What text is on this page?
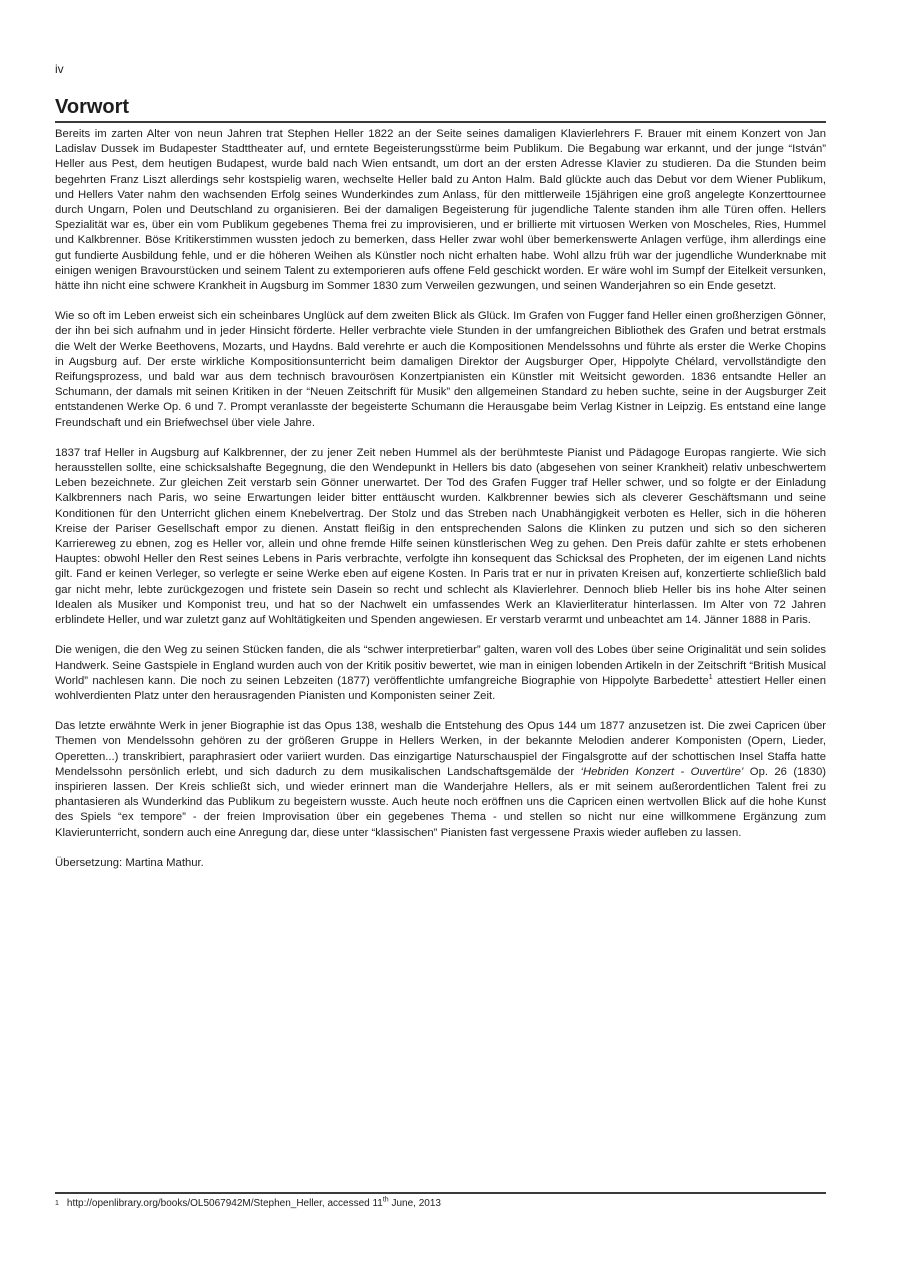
iv
Vorwort

Bereits im zarten Alter von neun Jahren trat Stephen Heller 1822 an der Seite seines damaligen Klavierlehrers F. Brauer mit einem Konzert von Jan Ladislav Dussek im Budapester Stadttheater auf, und erntete Begeisterungsstürme beim Publikum. Die Begabung war erkannt, und der junge “István” Heller aus Pest, dem heutigen Budapest, wurde bald nach Wien entsandt, um dort an der ersten Adresse Klavier zu studieren. Da die Stunden beim begehrten Franz Liszt allerdings sehr kostspielig waren, wechselte Heller bald zu Anton Halm. Bald glückte auch das Debut vor dem Wiener Publikum, und Hellers Vater nahm den wachsenden Erfolg seines Wunderkindes zum Anlass, für den mittlerweile 15jährigen eine groß angelegte Konzerttournee durch Ungarn, Polen und Deutschland zu organisieren. Bei der damaligen Begeisterung für jugendliche Talente standen ihm alle Türen offen. Hellers Spezialität war es, über ein vom Publikum gegebenes Thema frei zu improvisieren, und er brillierte mit virtuosen Werken von Moscheles, Ries, Hummel und Kalkbrenner. Böse Kritikerstimmen wussten jedoch zu bemerken, dass Heller zwar wohl über bemerkenswerte Anlagen verfüge, ihm allerdings eine gut fundierte Ausbildung fehle, und er die höheren Weihen als Künstler noch nicht erhalten habe. Wohl allzu früh war der jugendliche Wunderknabe mit einigen wenigen Bravourstücken und seinem Talent zu extemporieren aufs offene Feld geschickt worden. Er wäre wohl im Sumpf der Eitelkeit versunken, hätte ihn nicht eine schwere Krankheit in Augsburg im Sommer 1830 zum Verweilen gezwungen, und seinen Wanderjahren so ein Ende gesetzt.

Wie so oft im Leben erweist sich ein scheinbares Unglück auf dem zweiten Blick als Glück. Im Grafen von Fugger fand Heller einen großherzigen Gönner, der ihn bei sich aufnahm und in jeder Hinsicht förderte. Heller verbrachte viele Stunden in der umfangreichen Bibliothek des Grafen und betrat erstmals die Welt der Werke Beethovens, Mozarts, und Haydns. Bald verehrte er auch die Kompositionen Mendelssohns und führte als erster die Werke Chopins in Augsburg auf. Der erste wirkliche Kompositionsunterricht beim damaligen Direktor der Augsburger Oper, Hippolyte Chélard, vervollständigte den Reifungsprozess, und bald war aus dem technisch bravourösen Konzertpianisten ein Künstler mit Weitsicht geworden. 1836 entsandte Heller an Schumann, der damals mit seinen Kritiken in der “Neuen Zeitschrift für Musik” den allgemeinen Standard zu heben suchte, seine in der Augsburger Zeit entstandenen Werke Op. 6 und 7. Prompt veranlasste der begeisterte Schumann die Herausgabe beim Verlag Kistner in Leipzig. Es entstand eine lange Freundschaft und ein Briefwechsel über viele Jahre.

1837 traf Heller in Augsburg auf Kalkbrenner, der zu jener Zeit neben Hummel als der berühmteste Pianist und Pädagoge Europas rangierte. Wie sich herausstellen sollte, eine schicksalshafte Begegnung, die den Wendepunkt in Hellers bis dato (abgesehen von seiner Krankheit) relativ unbeschwertem Leben bezeichnete. Zur gleichen Zeit verstarb sein Gönner unerwartet. Der Tod des Grafen Fugger traf Heller schwer, und so folgte er der Einladung Kalkbrenners nach Paris, wo seine Erwartungen leider bitter enttäuscht wurden. Kalkbrenner bewies sich als cleverer Geschäftsmann und seine Konditionen für den Unterricht glichen einem Knebelvertrag. Der Stolz und das Streben nach Unabhängigkeit verboten es Heller, sich in die höheren Kreise der Pariser Gesellschaft empor zu dienen. Anstatt fleißig in den entsprechenden Salons die Klinken zu putzen und sich so den sicheren Karriereweg zu ebnen, zog es Heller vor, allein und ohne fremde Hilfe seinen künstlerischen Weg zu gehen. Den Preis dafür zahlte er stets erhobenen Hauptes: obwohl Heller den Rest seines Lebens in Paris verbrachte, verfolgte ihn konsequent das Schicksal des Propheten, der im eigenen Land nichts gilt. Fand er keinen Verleger, so verlegte er seine Werke eben auf eigene Kosten. In Paris trat er nur in privaten Kreisen auf, konzertierte schließlich bald gar nicht mehr, lebte zurückgezogen und fristete sein Dasein so recht und schlecht als Klavierlehrer. Dennoch blieb Heller bis ins hohe Alter seinen Idealen als Musiker und Komponist treu, und hat so der Nachwelt ein umfassendes Werk an Klavierliteratur hinterlassen. Im Alter von 72 Jahren erblindete Heller, und war zuletzt ganz auf Wohltätigkeiten und Spenden angewiesen. Er verstarb verarmt und unbeachtet am 14. Jänner 1888 in Paris.

Die wenigen, die den Weg zu seinen Stücken fanden, die als “schwer interpretierbar” galten, waren voll des Lobes über seine Originalität und sein solides Handwerk. Seine Gastspiele in England wurden auch von der Kritik positiv bewertet, wie man in einigen lobenden Artikeln in der Zeitschrift “British Musical World” nachlesen kann. Die noch zu seinen Lebzeiten (1877) veröffentlichte umfangreiche Biographie von Hippolyte Barbedette$^1$ attestiert Heller einen wohlverdienten Platz unter den herausragenden Pianisten und Komponisten seiner Zeit.

Das letzte erwähnte Werk in jener Biographie ist das Opus 138, weshalb die Entstehung des Opus 144 um 1877 anzusetzen ist. Die zwei Capricen über Themen von Mendelssohn gehören zu der größeren Gruppe in Hellers Werken, in der bekannte Melodien anderer Komponisten (Opern, Lieder, Operetten...) transkribiert, paraphrasiert oder variiert wurden. Das einzigartige Naturschauspiel der Fingalsgrotte auf der schottischen Insel Staffa hatte Mendelssohn persönlich erlebt, und sich dadurch zu dem musikalischen Landschaftsgemälde der ‘Hebriden Konzert - Ouvertüre’ Op. 26 (1830) inspirieren lassen. Der Kreis schließt sich, und wieder erinnert man die Wanderjahre Hellers, als er mit seinem außerordentlichen Talent frei zu phantasieren als Wunderkind das Publikum zu begeistern wusste. Auch heute noch eröffnen uns die Capricen einen wertvollen Blick auf die hohe Kunst des Spiels “ex tempore” - der freien Improvisation über ein gegebenes Thema - und stellen so nicht nur eine willkommene Ergänzung zum Klavierunterricht, sondern auch eine Anregung dar, diese unter “klassischen” Pianisten fast vergessene Praxis wieder aufleben zu lassen.

Übersetzung: Martina Mathur.

$^1$ http://openlibrary.org/books/OL5067942M/Stephen_Heller, accessed 11th June, 2013
